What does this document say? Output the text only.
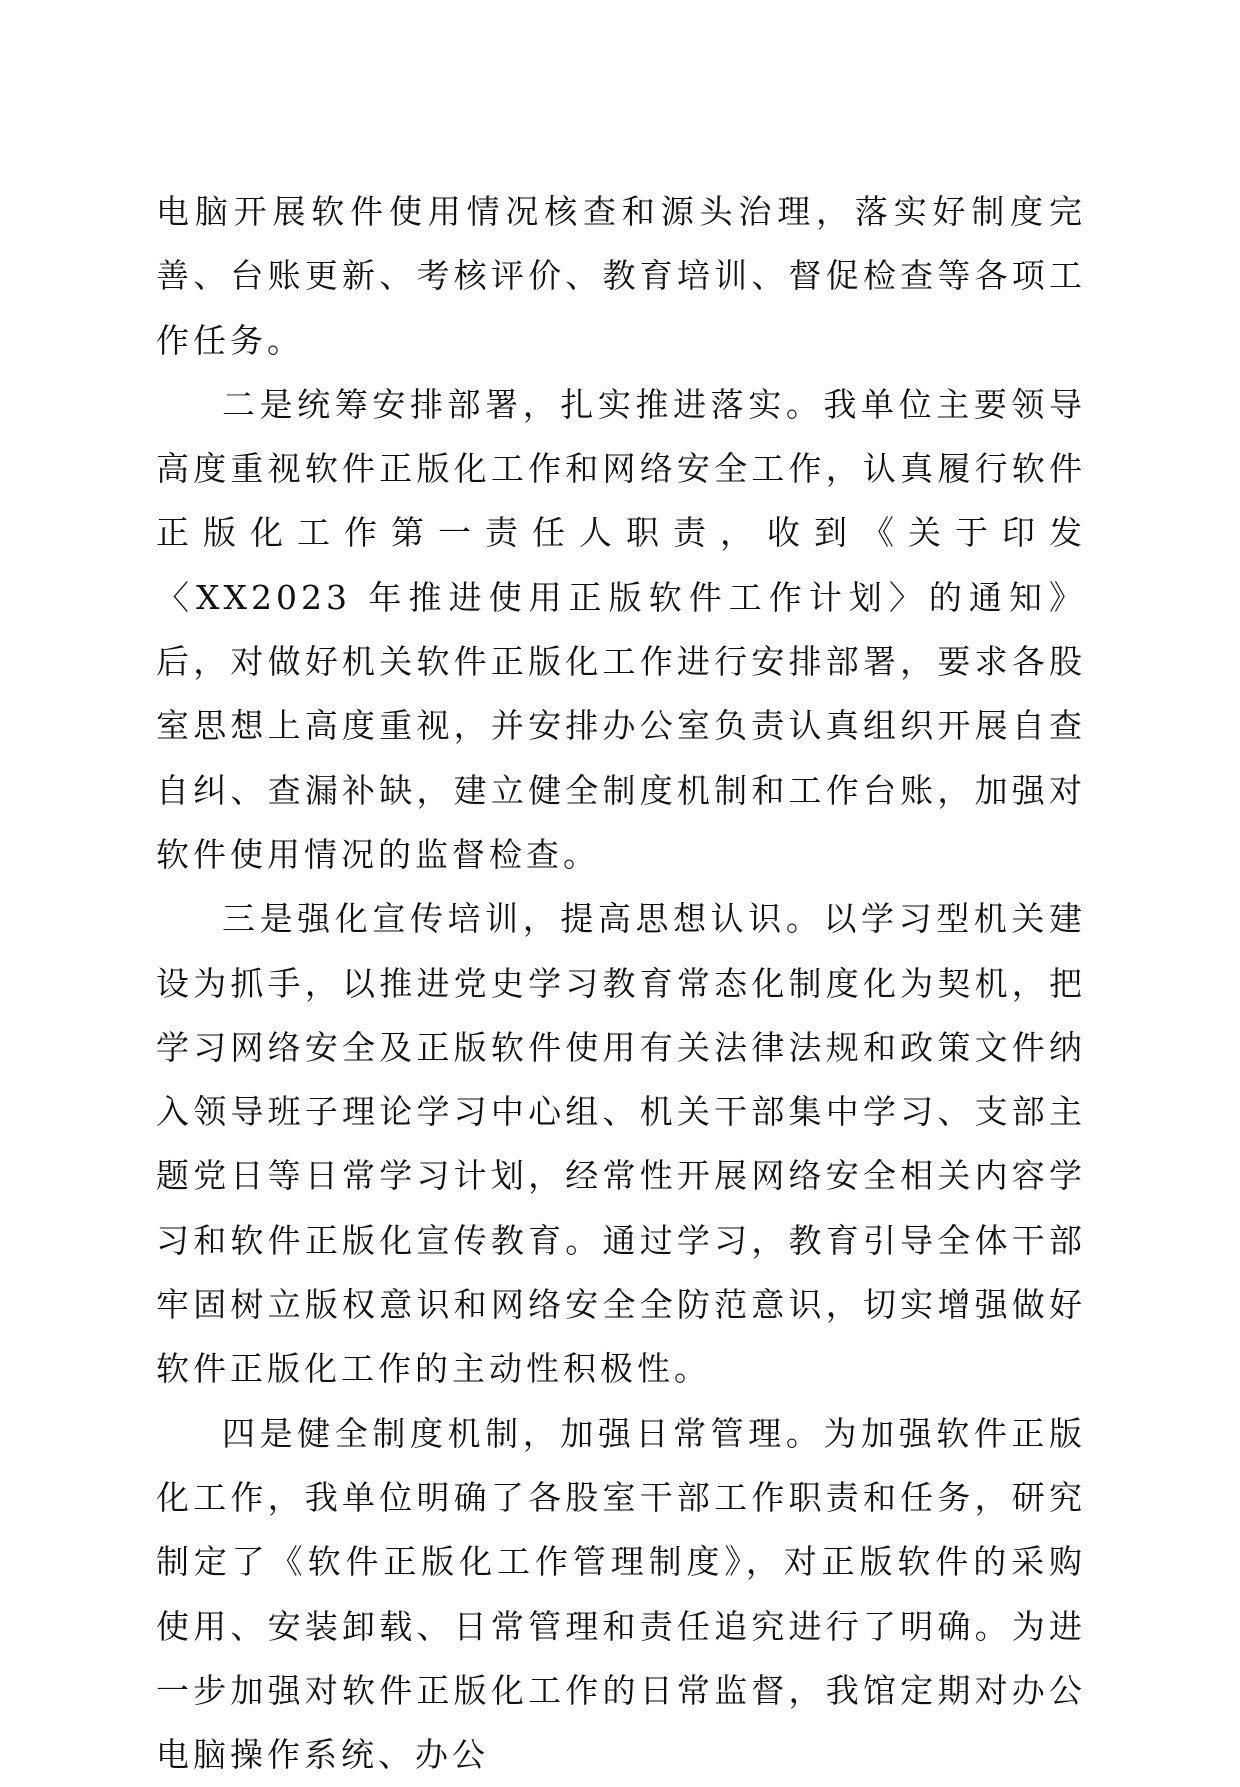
电脑开展软件使用情况核查和源头治理，落实好制度完善、台账更新、考核评价、教育培训、督促检查等各项工作任务。

二是统筹安排部署，扎实推进落实。我单位主要领导高度重视软件正版化工作和网络安全工作，认真履行软件正版化工作第一责任人职责，收到《关于印发〈XX2023 年推进使用正版软件工作计划〉的通知》后，对做好机关软件正版化工作进行安排部署，要求各股室思想上高度重视，并安排办公室负责认真组织开展自查自纠、查漏补缺，建立健全制度机制和工作台账，加强对软件使用情况的监督检查。

三是强化宣传培训，提高思想认识。以学习型机关建设为抓手，以推进党史学习教育常态化制度化为契机，把学习网络安全及正版软件使用有关法律法规和政策文件纳入领导班子理论学习中心组、机关干部集中学习、支部主题党日等日常学习计划，经常性开展网络安全相关内容学习和软件正版化宣传教育。通过学习，教育引导全体干部牢固树立版权意识和网络安全全防范意识，切实增强做好软件正版化工作的主动性积极性。

四是健全制度机制，加强日常管理。为加强软件正版化工作，我单位明确了各股室干部工作职责和任务，研究制定了《软件正版化工作管理制度》，对正版软件的采购使用、安装卸载、日常管理和责任追究进行了明确。为进一步加强对软件正版化工作的日常监督，我馆定期对办公电脑操作系统、办公
